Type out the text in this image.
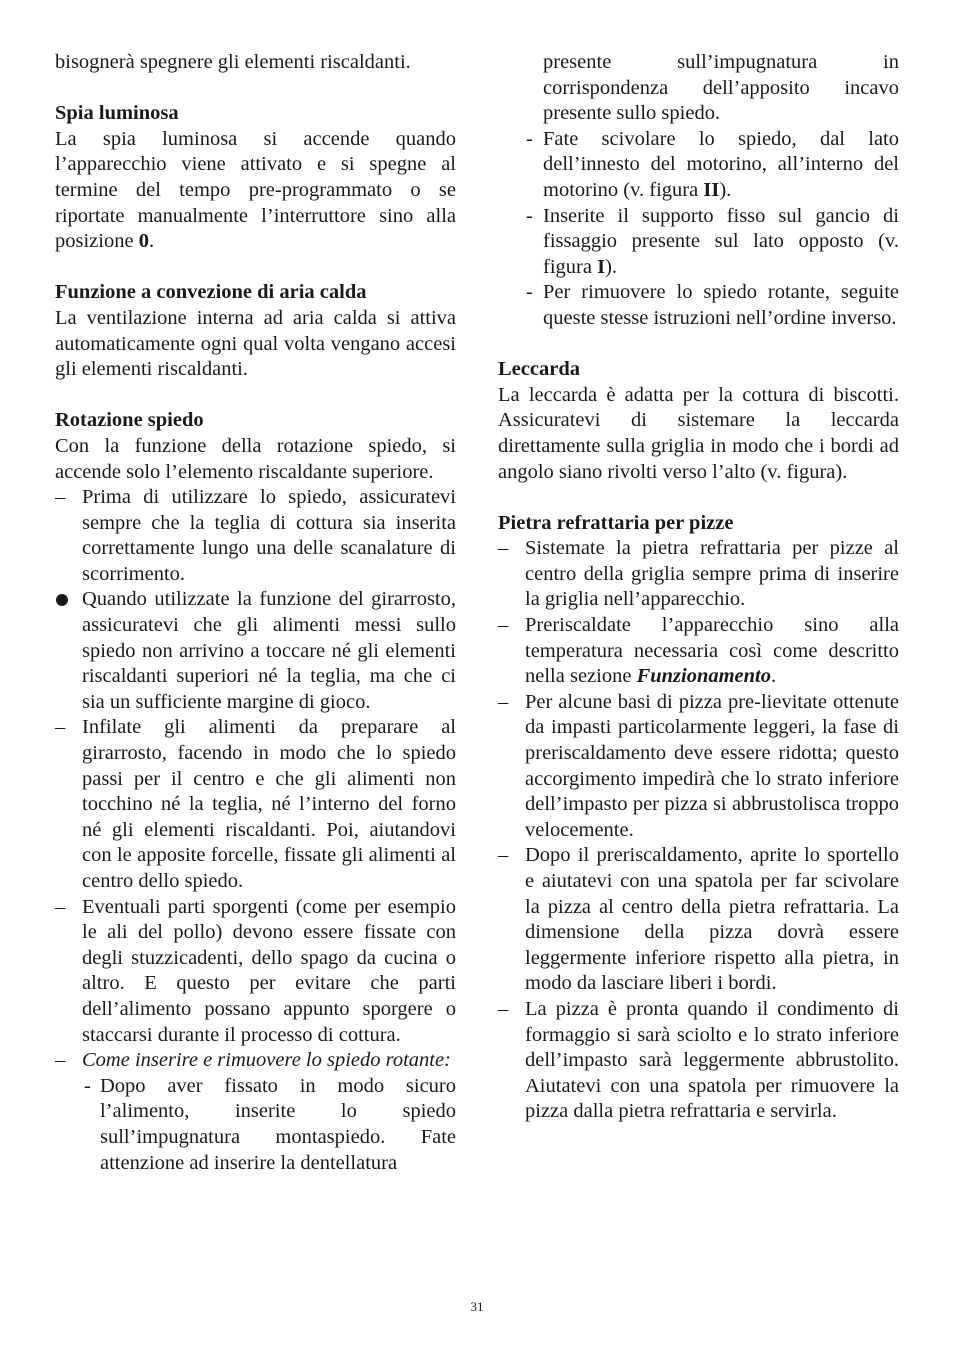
bisognerà spegnere gli elementi riscaldanti.

Spia luminosa

La spia luminosa si accende quando l’apparecchio viene attivato e si spegne al termine del tempo pre-programmato o se riportate manualmente l’interruttore sino alla posizione 0.

Funzione a convezione di aria calda

La ventilazione interna ad aria calda si attiva automaticamente ogni qual volta vengano accesi gli elementi riscaldanti.

Rotazione spiedo

Con la funzione della rotazione spiedo, si accende solo l’elemento riscaldante superiore.

– Prima di utilizzare lo spiedo, assicuratevi sempre che la teglia di cottura sia inserita correttamente lungo una delle scanalature di scorrimento.
Quando utilizzate la funzione del girarrosto, assicuratevi che gli alimenti messi sullo spiedo non arrivino a toccare né gli elementi riscaldanti superiori né la teglia, ma che ci sia un sufficiente margine di gioco.
– Infilate gli alimenti da preparare al girarrosto, facendo in modo che lo spiedo passi per il centro e che gli alimenti non tocchino né la teglia, né l’interno del forno né gli elementi riscaldanti. Poi, aiutandovi con le apposite forcelle, fissate gli alimenti al centro dello spiedo.
– Eventuali parti sporgenti (come per esempio le ali del pollo) devono essere fissate con degli stuzzicadenti, dello spago da cucina o altro. E questo per evitare che parti dell’alimento possano appunto sporgere o staccarsi durante il processo di cottura.
– Come inserire e rimuovere lo spiedo rotante:
- Dopo aver fissato in modo sicuro l’alimento, inserite lo spiedo sull’impugnatura montaspiedo. Fate attenzione ad inserire la dentellatura

presente sull’impugnatura in corrispondenza dell’apposito incavo presente sullo spiedo.

- Fate scivolare lo spiedo, dal lato dell’innesto del motorino, all’interno del motorino (v. figura II).
- Inserite il supporto fisso sul gancio di fissaggio presente sul lato opposto (v. figura I).
- Per rimuovere lo spiedo rotante, seguite queste stesse istruzioni nell’ordine inverso.

Leccarda

La leccarda è adatta per la cottura di biscotti. Assicuratevi di sistemare la leccarda direttamente sulla griglia in modo che i bordi ad angolo siano rivolti verso l’alto (v. figura).

Pietra refrattaria per pizze

– Sistemate la pietra refrattaria per pizze al centro della griglia sempre prima di inserire la griglia nell’apparecchio.
– Preriscaldate l’apparecchio sino alla temperatura necessaria così come descritto nella sezione Funzionamento.
– Per alcune basi di pizza pre-lievitate ottenute da impasti particolarmente leggeri, la fase di preriscaldamento deve essere ridotta; questo accorgimento impedirà che lo strato inferiore dell’impasto per pizza si abbrustolisca troppo velocemente.
– Dopo il preriscaldamento, aprite lo sportello e aiutatevi con una spatola per far scivolare la pizza al centro della pietra refrattaria. La dimensione della pizza dovrà essere leggermente inferiore rispetto alla pietra, in modo da lasciare liberi i bordi.
– La pizza è pronta quando il condimento di formaggio si sarà sciolto e lo strato inferiore dell’impasto sarà leggermente abbrustolito. Aiutatevi con una spatola per rimuovere la pizza dalla pietra refrattaria e servirla.
31
